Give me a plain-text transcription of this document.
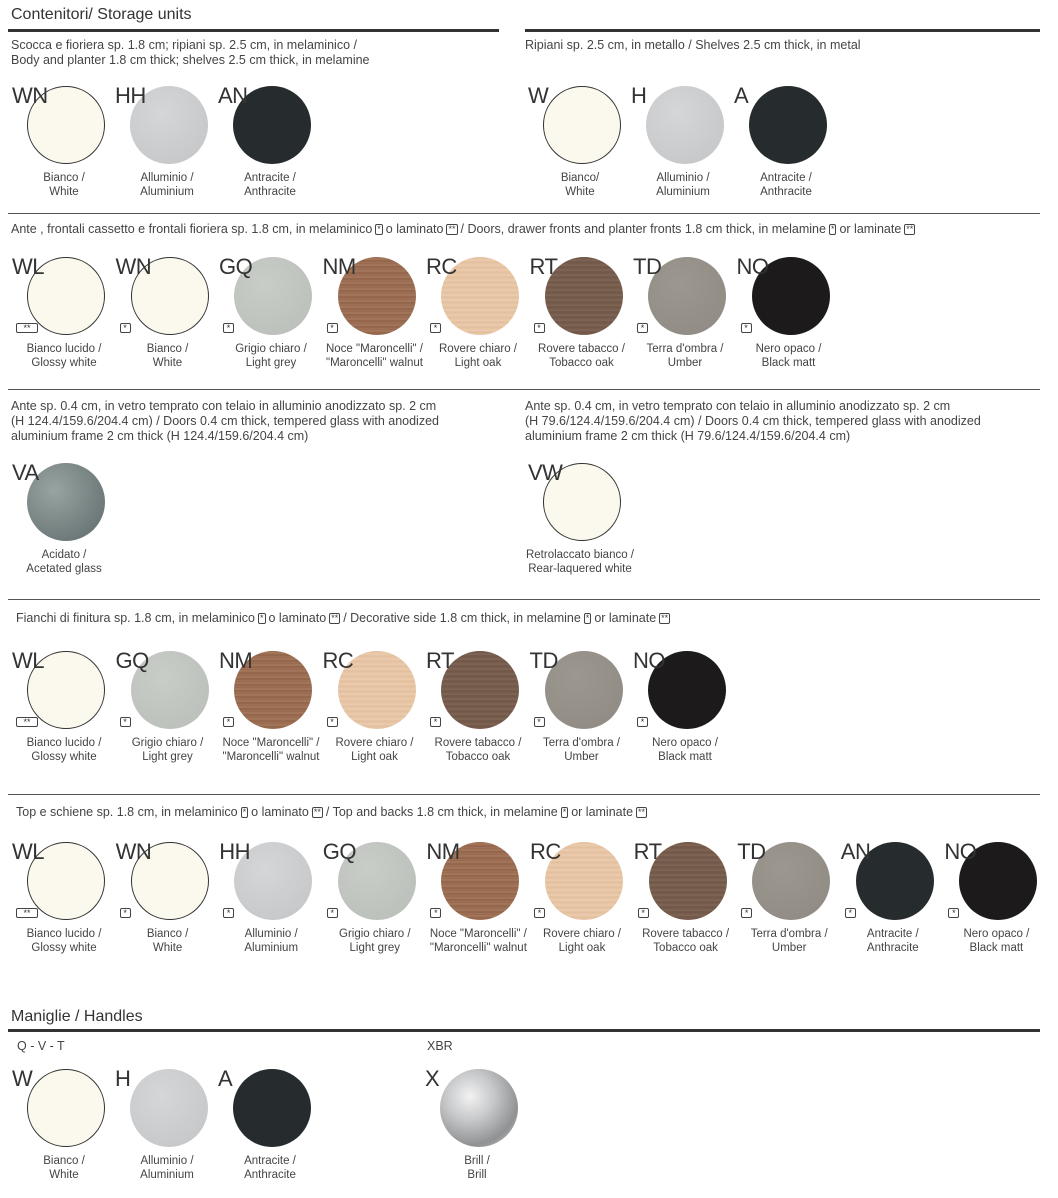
Contenitori/ Storage units
Scocca e fioriera sp. 1.8 cm; ripiani sp. 2.5 cm, in melaminico /
Body and planter 1.8 cm thick; shelves 2.5 cm thick, in melamine
Ripiani sp. 2.5 cm, in metallo / Shelves 2.5 cm thick, in metal
WN
Bianco /
White
HH
Alluminio /
Aluminium
AN
Antracite /
Anthracite
W
Bianco/
White
H
Alluminio /
Aluminium
A
Antracite /
Anthracite
Ante , frontali cassetto e frontali fioriera sp. 1.8 cm, in melaminico * o laminato ** / Doors, drawer fronts and planter fronts 1.8 cm thick, in melamine * or laminate **
WL
**
Bianco lucido /
Glossy white
WN
*
Bianco /
White
GQ
*
Grigio chiaro /
Light grey
NM
*
Noce "Maroncelli" /
"Maroncelli" walnut
RC
*
Rovere chiaro /
Light oak
RT
*
Rovere tabacco /
Tobacco oak
TD
*
Terra d'ombra /
Umber
NO
*
Nero opaco /
Black matt
Ante sp. 0.4 cm, in vetro temprato con telaio in alluminio anodizzato sp. 2 cm
(H 124.4/159.6/204.4 cm) / Doors 0.4 cm thick, tempered glass with anodized
aluminium frame 2 cm thick (H 124.4/159.6/204.4 cm)
Ante sp. 0.4 cm, in vetro temprato con telaio in alluminio anodizzato sp. 2 cm
(H 79.6/124.4/159.6/204.4 cm) / Doors 0.4 cm thick, tempered glass with anodized
aluminium frame 2 cm thick (H 79.6/124.4/159.6/204.4 cm)
VA
Acidato /
Acetated glass
VW
Retrolaccato bianco /
Rear-laquered white
Fianchi di finitura sp. 1.8 cm, in melaminico * o laminato ** / Decorative side 1.8 cm thick, in melamine * or laminate **
WL
**
Bianco lucido /
Glossy white
GQ
*
Grigio chiaro /
Light grey
NM
*
Noce "Maroncelli" /
"Maroncelli" walnut
RC
*
Rovere chiaro /
Light oak
RT
*
Rovere tabacco /
Tobacco oak
TD
*
Terra d'ombra /
Umber
NO
*
Nero opaco /
Black matt
Top e schiene sp. 1.8 cm, in melaminico * o laminato ** / Top and backs 1.8 cm thick, in melamine * or laminate **
WL
**
Bianco lucido /
Glossy white
WN
*
Bianco /
White
HH
*
Alluminio /
Aluminium
GQ
*
Grigio chiaro /
Light grey
NM
*
Noce "Maroncelli" /
"Maroncelli" walnut
RC
*
Rovere chiaro /
Light oak
RT
*
Rovere tabacco /
Tobacco oak
TD
*
Terra d'ombra /
Umber
AN
*
Antracite /
Anthracite
NO
*
Nero opaco /
Black matt
Maniglie / Handles
Q - V - T	XBR
W
Bianco /
White
H
Alluminio /
Aluminium
A
Antracite /
Anthracite
X
Brill /
Brill
